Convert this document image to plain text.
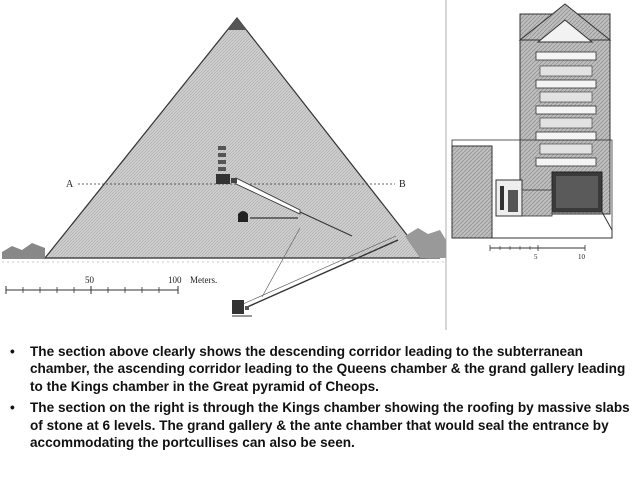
A	B
50	100 Meters.
5	10
• The section above clearly shows the descending corridor leading to the subterranean chamber, the ascending corridor leading to the Queens chamber & the grand gallery leading to the Kings chamber in the Great pyramid of Cheops.
• The section on the right is through the Kings chamber showing the roofing by massive slabs of stone at 6 levels. The grand gallery & the ante chamber that would seal the entrance by accommodating the portcullises can also be seen.
